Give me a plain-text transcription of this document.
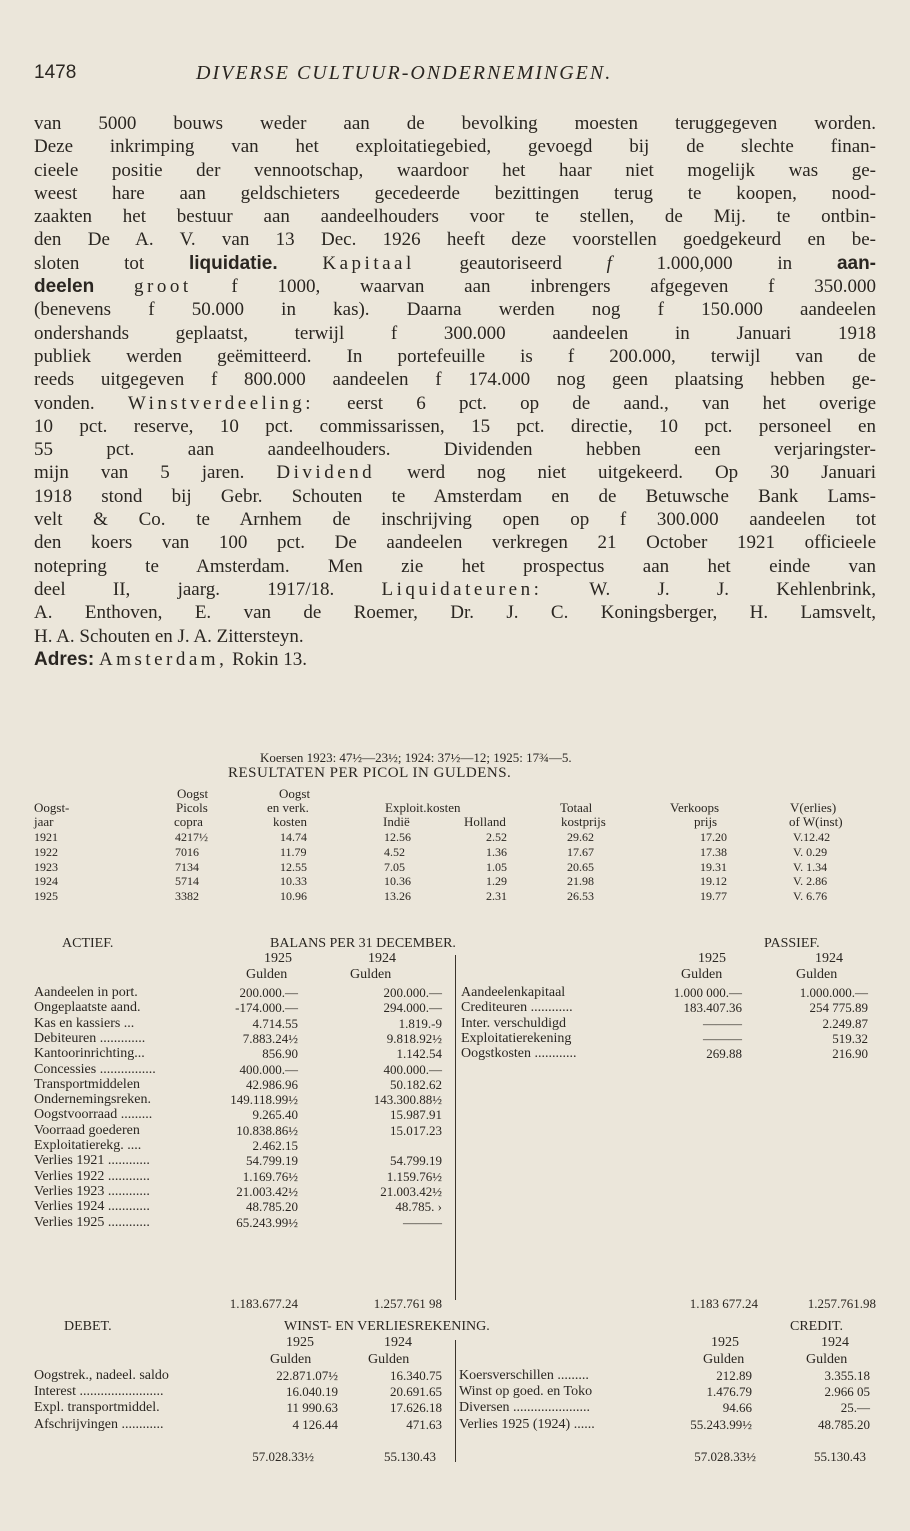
1478	DIVERSE CULTUUR-ONDERNEMINGEN.
van 5000 bouws weder aan de bevolking moesten teruggegeven worden.
Deze inkrimping van het exploitatiegebied, gevoegd bij de slechte finan-
cieele positie der vennootschap, waardoor het haar niet mogelijk was ge-
weest hare aan geldschieters gecedeerde bezittingen terug te koopen, nood-
zaakten het bestuur aan aandeelhouders voor te stellen, de Mij. te ontbin-
den De A. V. van 13 Dec. 1926 heeft deze voorstellen goedgekeurd en be-
sloten tot liquidatie. Kapitaal geautoriseerd f 1.000,000 in aan-
deelen groot f 1000, waarvan aan inbrengers afgegeven f 350.000
(benevens f 50.000 in kas). Daarna werden nog f 150.000 aandeelen
ondershands geplaatst, terwijl f 300.000 aandeelen in Januari 1918
publiek werden geëmitteerd. In portefeuille is f 200.000, terwijl van de
reeds uitgegeven f 800.000 aandeelen f 174.000 nog geen plaatsing hebben ge-
vonden. Winstverdeeling: eerst 6 pct. op de aand., van het overige
10 pct. reserve, 10 pct. commissarissen, 15 pct. directie, 10 pct. personeel en
55 pct. aan aandeelhouders. Dividenden hebben een verjaringster-
mijn van 5 jaren. Dividend werd nog niet uitgekeerd. Op 30 Januari
1918 stond bij Gebr. Schouten te Amsterdam en de Betuwsche Bank Lams-
velt & Co. te Arnhem de inschrijving open op f 300.000 aandeelen tot
den koers van 100 pct. De aandeelen verkregen 21 October 1921 officieele
notepring te Amsterdam. Men zie het prospectus aan het einde van
deel II, jaarg. 1917/18. Liquidateuren: W. J. J. Kehlenbrink,
A. Enthoven, E. van de Roemer, Dr. J. C. Koningsberger, H. Lamsvelt,
H. A. Schouten en J. A. Zittersteyn.
Adres: Amsterdam, Rokin 13.
Koersen 1923: 47½—23½; 1924: 37½—12; 1925: 17¾—5.
RESULTATEN PER PICOL IN GULDENS.
Oogst	Oogst
Oogst-	Picols	en verk.	Exploit.kosten	Totaal	Verkoops	V(erlies)
jaar	copra	kosten	Indië	Holland	kostprijs	prijs	of W(inst)
1921	4217½	14.74	12.56	2.52	29.62	17.20	V.12.42
1922	7016	11.79	4.52	1.36	17.67	17.38	V. 0.29
1923	7134	12.55	7.05	1.05	20.65	19.31	V. 1.34
1924	5714	10.33	10.36	1.29	21.98	19.12	V. 2.86
1925	3382	10.96	13.26	2.31	26.53	19.77	V. 6.76
ACTIEF.	BALANS PER 31 DECEMBER.	PASSIEF.
1925	1924	1925	1924
Gulden	Gulden	Gulden	Gulden
Aandeelen in port.	200.000.—	200.000.—
Ongeplaatste aand.	-174.000.—	294.000.—
Kas en kassiers ...	4.714.55	1.819.-9
Debiteuren .............	7.883.24½	9.818.92½
Kantoorinrichting...	856.90	1.142.54
Concessies ................	400.000.—	400.000.—
Transportmiddelen	42.986.96	50.182.62
Ondernemingsreken.	149.118.99½	143.300.88½
Oogstvoorraad .........	9.265.40	15.987.91
Voorraad goederen	10.838.86½	15.017.23
Exploitatierekg. ....	2.462.15
Verlies 1921 ............	54.799.19	54.799.19
Verlies 1922 ............	1.169.76½	1.159.76½
Verlies 1923 ............	21.003.42½	21.003.42½
Verlies 1924 ............	48.785.20	48.785. ›
Verlies 1925 ............	65.243.99½	———
Aandeelenkapitaal	1.000 000.—	1.000.000.—
Crediteuren ............	183.407.36	254 775.89
Inter. verschuldigd	———	2.249.87
Exploitatierekening	———	519.32
Oogstkosten ............	269.88	216.90
1.183.677.24	1.257.761 98	1.183 677.24	1.257.761.98
DEBET.	WINST- EN VERLIESREKENING.	CREDIT.
1925	1924	1925	1924
Gulden	Gulden	Gulden	Gulden
Oogstrek., nadeel. saldo	22.871.07½	16.340.75
Interest ........................	16.040.19	20.691.65
Expl. transportmiddel.	11 990.63	17.626.18
Afschrijvingen ............	4 126.44	471.63
Koersverschillen .........	212.89	3.355.18
Winst op goed. en Toko	1.476.79	2.966 05
Diversen ......................	94.66	25.—
Verlies 1925 (1924) ......	55.243.99½	48.785.20
57.028.33½	55.130.43	57.028.33½	55.130.43
